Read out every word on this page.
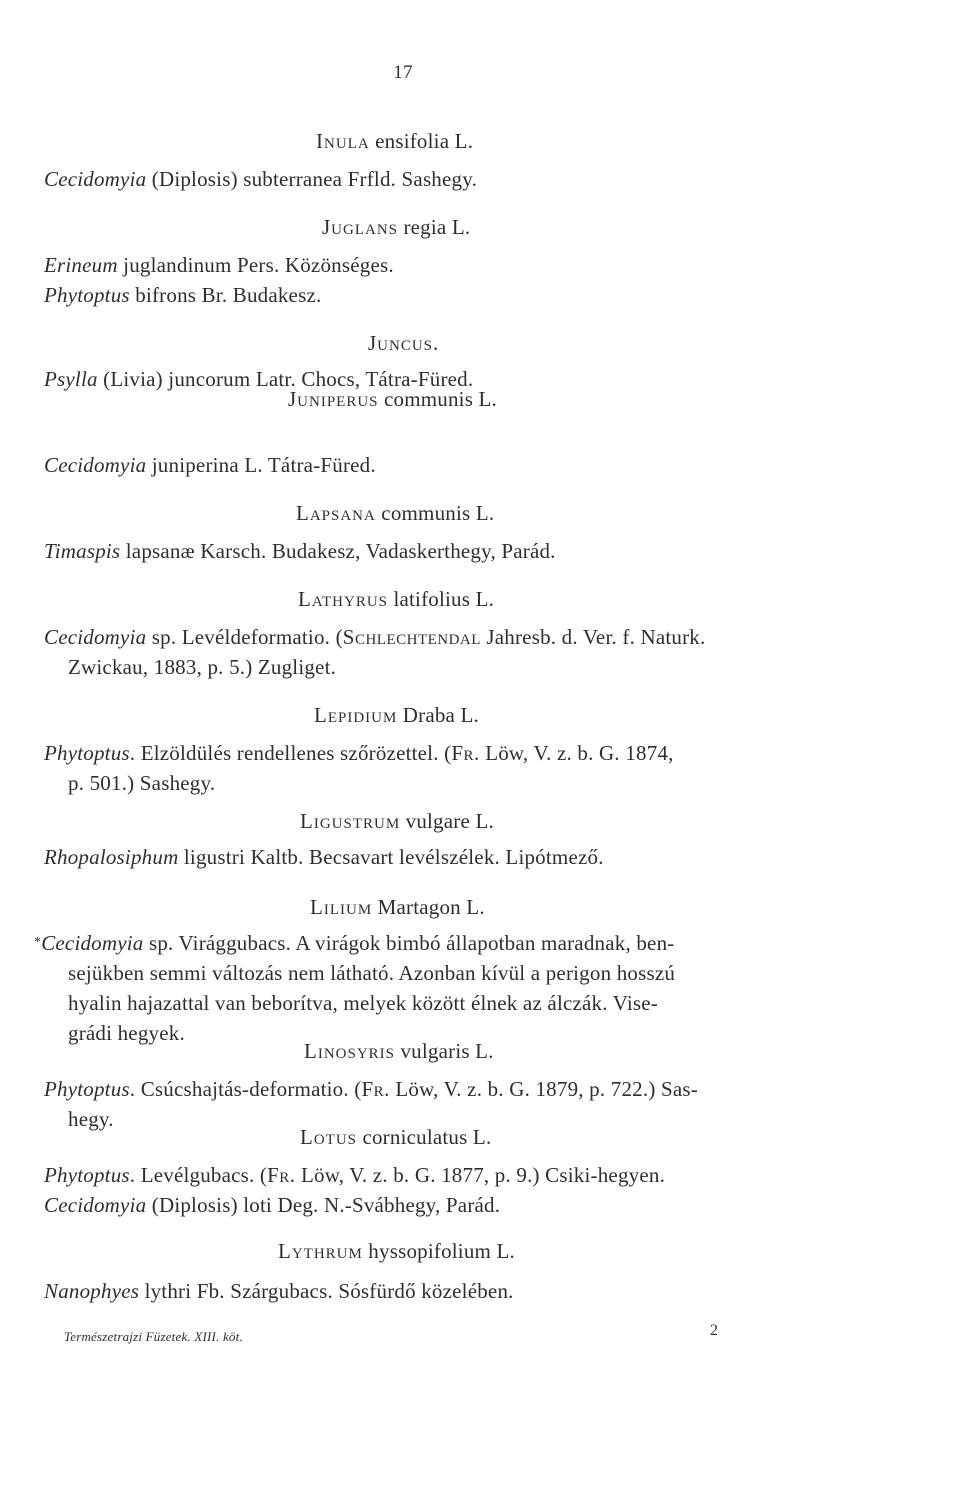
17
Inula ensifolia L.
Cecidomyia (Diplosis) subterranea Frfld. Sashegy.
Juglans regia L.
Erineum juglandinum Pers. Közönséges.
Phytoptus bifrons Br. Budakesz.
Juncus.
Psylla (Livia) juncorum Latr. Chocs, Tátra-Füred.
Juniperus communis L.
Cecidomyia juniperina L. Tátra-Füred.
Lapsana communis L.
Timaspis lapsanæ Karsch. Budakesz, Vadaskerthegy, Parád.
Lathyrus latifolius L.
Cecidomyia sp. Levéldeformatio. (Schlechtendal Jahresb. d. Ver. f. Naturk.
Zwickau, 1883, p. 5.) Zugliget.
Lepidium Draba L.
Phytoptus. Elzöldülés rendellenes szőrözettel. (Fr. Löw, V. z. b. G. 1874,
p. 501.) Sashegy.
Ligustrum vulgare L.
Rhopalosiphum ligustri Kaltb. Becsavart levélszélek. Lipótmező.
Lilium Martagon L.
*Cecidomyia sp. Virággubacs. A virágok bimbó állapotban maradnak, ben-
sejükben semmi változás nem látható. Azonban kívül a perigon hosszú
hyalin hajazattal van beborítva, melyek között élnek az álczák. Vise-
grádi hegyek.
Linosyris vulgaris L.
Phytoptus. Csúcshajtás-deformatio. (Fr. Löw, V. z. b. G. 1879, p. 722.) Sas-
hegy.
Lotus corniculatus L.
Phytoptus. Levélgubacs. (Fr. Löw, V. z. b. G. 1877, p. 9.) Csiki-hegyen.
Cecidomyia (Diplosis) loti Deg. N.-Svábhegy, Parád.
Lythrum hyssopifolium L.
Nanophyes lythri Fb. Szárgubacs. Sósfürdő közelében.
Természetrajzi Füzetek. XIII. köt.	2
